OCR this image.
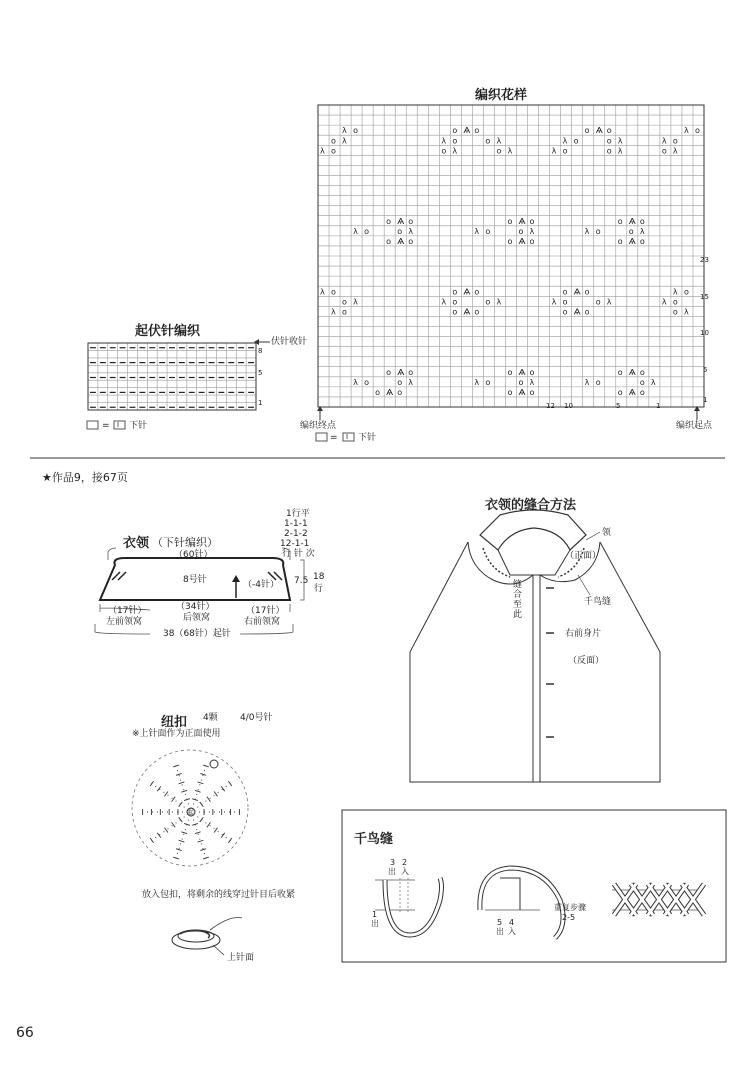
λ ο	ο Ѧ ο	ο Ѧ ο	λ ο
ο λ	λ ο	ο λ	λ ο	ο λ	λ ο
λ ο	ο λ	ο λ	λ ο	ο λ	ο λ
ο Ѧ ο	ο Ѧ ο	ο Ѧ ο
λ ο	ο λ	λ ο	ο λ	λ ο	ο λ
ο Ѧ ο	ο Ѧ ο	ο Ѧ ο
λ ο	ο Ѧ ο	ο Ѧ ο	λ ο
ο λ	λ ο	ο λ	λ ο	ο λ	λ ο
λ ο	ο Ѧ ο	ο Ѧ ο	ο λ
ο Ѧ ο	ο Ѧ ο	ο Ѧ ο
λ ο	ο λ	λ ο	ο λ	λ ο	ο λ
ο Ѧ ο	ο Ѧ ο	ο Ѧ ο
编织花样
23
15
10
5
1
12 10	5	1
编织终点	编织起点
= I 下针
起伏针编织
伏针收针
8
5
1
= I 下针
★作品9，接67页
衣领 （下针编织）
（60针）
8号针	（-4针） 7.5 18
行
1行平
1-1-1
2-1-2
12-1-1
行 针 次
（17针）
左前领窝
（34针）
后领窝
（17针）
右前领窝
38（68针）起针
纽扣 4颗 4/0号针
※上针面作为正面使用
起
放入包扣，将剩余的线穿过针目后收紧
上针面
衣领的缝合方法
领
（正面）
千鸟缝
右前身片
（反面）
缝合至此
千鸟缝
3
出
2
入
1
出	5
出
4
入
重复步骤
2-5
66
